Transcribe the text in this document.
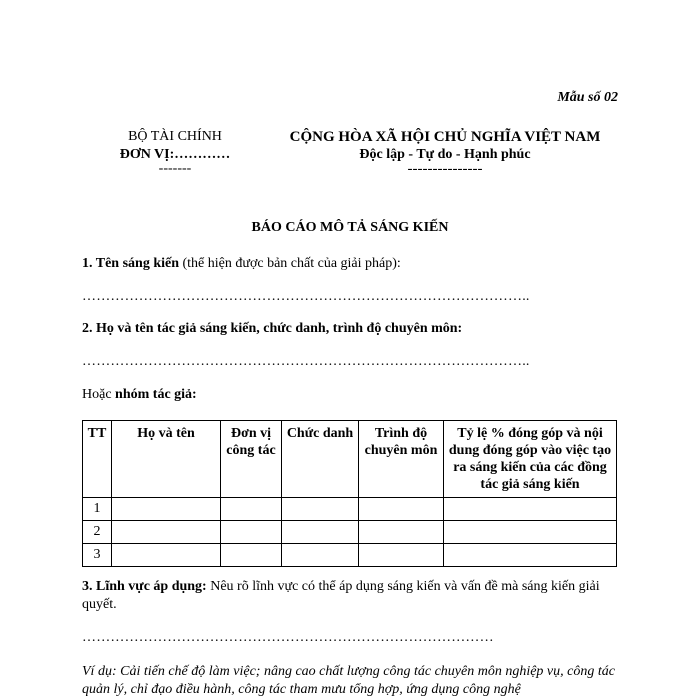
Mẫu số 02
BỘ TÀI CHÍNH
ĐƠN VỊ:…………
-------
CỘNG HÒA XÃ HỘI CHỦ NGHĨA VIỆT NAM
Độc lập - Tự do - Hạnh phúc
---------------
BÁO CÁO MÔ TẢ SÁNG KIẾN
1. Tên sáng kiến (thể hiện được bản chất của giải pháp):
…………………………………………………………………………………..
2. Họ và tên tác giả sáng kiến, chức danh, trình độ chuyên môn:
…………………………………………………………………………………..
Hoặc nhóm tác giả:
TT	Họ và tên	Đơn vị công tác	Chức danh	Trình độ chuyên môn	Tỷ lệ % đóng góp và nội dung đóng góp vào việc tạo ra sáng kiến của các đồng tác giả sáng kiến
1					
2					
3					
3. Lĩnh vực áp dụng: Nêu rõ lĩnh vực có thể áp dụng sáng kiến và vấn đề mà sáng kiến giải quyết.
……………………………………………………………………………
Ví dụ: Cải tiến chế độ làm việc; nâng cao chất lượng công tác chuyên môn nghiệp vụ, công tác quản lý, chỉ đạo điều hành, công tác tham mưu tổng hợp, ứng dụng công nghệ
